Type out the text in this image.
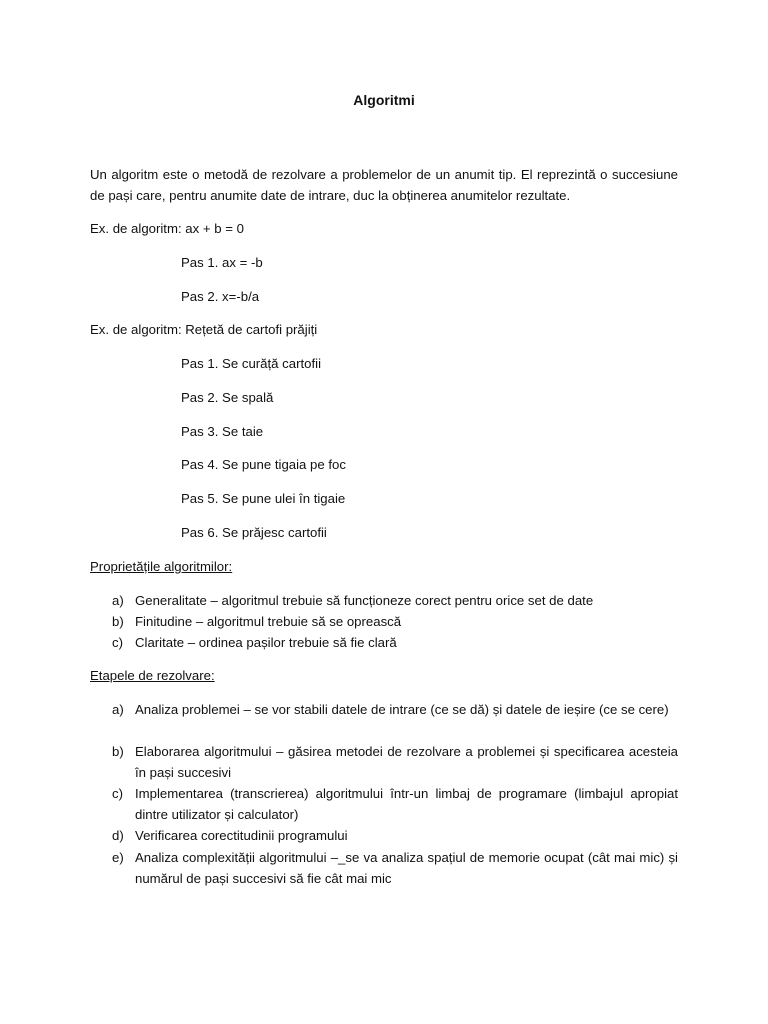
Algoritmi
Un algoritm este o metodă de rezolvare a problemelor de un anumit tip. El reprezintă o succesiune de pași care, pentru anumite date de intrare, duc la obținerea anumitelor rezultate.
Ex. de algoritm: ax + b = 0
Pas 1. ax = -b
Pas 2. x=-b/a
Ex. de algoritm: Rețetă de cartofi prăjiți
Pas 1. Se curăță cartofii
Pas 2. Se spală
Pas 3. Se taie
Pas 4. Se pune tigaia pe foc
Pas 5. Se pune ulei în tigaie
Pas 6. Se prăjesc cartofii
Proprietățile algoritmilor:
a) Generalitate – algoritmul trebuie să funcționeze corect pentru orice set de date
b) Finitudine – algoritmul trebuie să se oprească
c) Claritate – ordinea pașilor trebuie să fie clară
Etapele de rezolvare:
a) Analiza problemei – se vor stabili datele de intrare (ce se dă) și datele de ieșire (ce se cere)
b) Elaborarea algoritmului – găsirea metodei de rezolvare a problemei și specificarea acesteia în pași succesivi
c) Implementarea (transcrierea) algoritmului într-un limbaj de programare (limbajul apropiat dintre utilizator și calculator)
d) Verificarea corectitudinii programului
e) Analiza complexității algoritmului –_se va analiza spațiul de memorie ocupat (cât mai mic) și numărul de pași succesivi să fie cât mai mic
